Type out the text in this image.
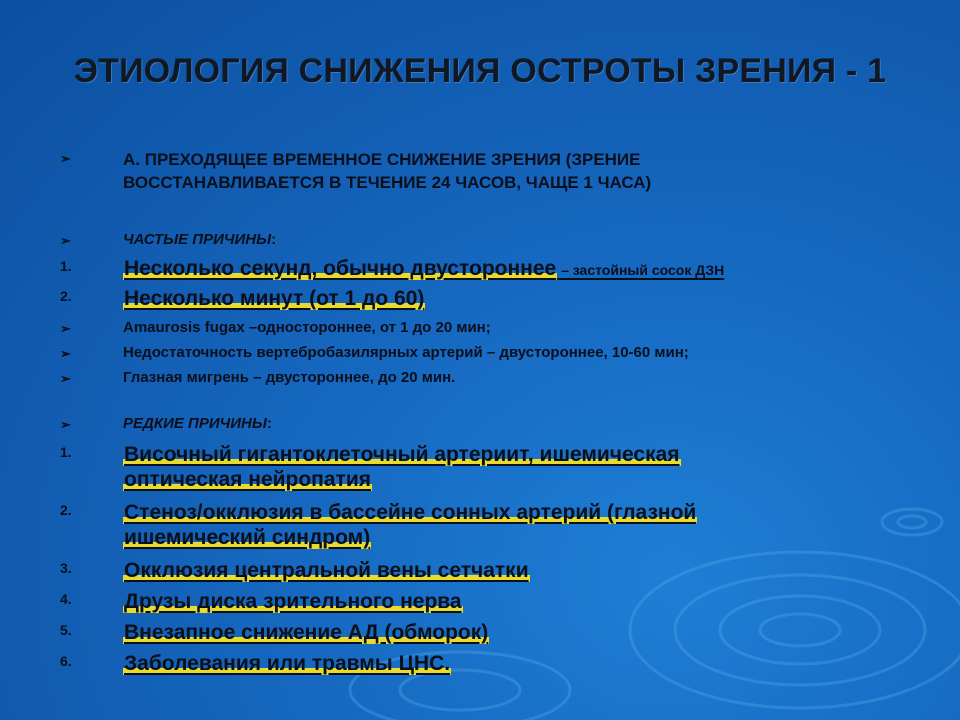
ЭТИОЛОГИЯ СНИЖЕНИЯ ОСТРОТЫ ЗРЕНИЯ - 1
➢	А. ПРЕХОДЯЩЕЕ ВРЕМЕННОЕ СНИЖЕНИЕ ЗРЕНИЯ (ЗРЕНИЕ
ВОССТАНАВЛИВАЕТСЯ В ТЕЧЕНИЕ 24 ЧАСОВ, ЧАЩЕ 1 ЧАСА)
➢	ЧАСТЫЕ ПРИЧИНЫ:
1.	Несколько секунд, обычно двустороннее – застойный сосок ДЗН
2.	Несколько минут (от 1 до 60)
➢	Amaurosis fugax –одностороннее, от 1 до 20 мин;
➢	Недостаточность вертебробазилярных артерий – двустороннее, 10-60 мин;
➢	Глазная мигрень – двустороннее, до 20 мин.
➢	РЕДКИЕ ПРИЧИНЫ:
1.	Височный гигантоклеточный артериит, ишемическая
оптическая нейропатия
2.	Стеноз/окклюзия в бассейне сонных артерий (глазной
ишемический синдром)
3.	Окклюзия центральной вены сетчатки
4.	Друзы диска зрительного нерва
5.	Внезапное снижение АД (обморок)
6.	Заболевания или травмы ЦНС.
